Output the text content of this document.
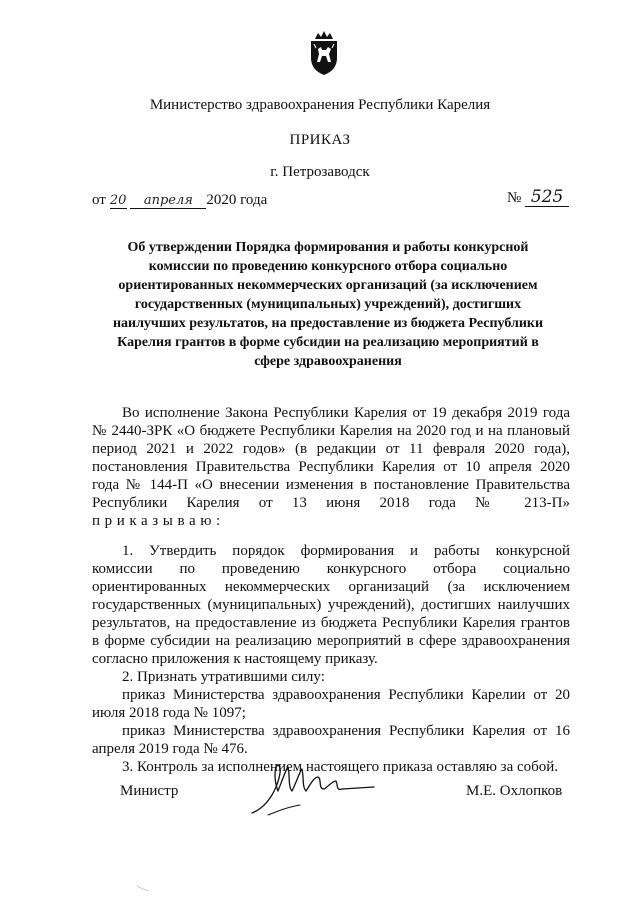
Министерство здравоохранения Республики Карелия
ПРИКАЗ
г. Петрозаводск
от 20 апреля 2020 года	№ 525
Об утверждении Порядка формирования и работы конкурсной
комиссии по проведению конкурсного отбора социально
ориентированных некоммерческих организаций (за исключением
государственных (муниципальных) учреждений), достигших
наилучших результатов, на предоставление из бюджета Республики
Карелия грантов в форме субсидии на реализацию мероприятий в
сфере здравоохранения
Во исполнение Закона Республики Карелия от 19 декабря 2019 года
№ 2440-ЗРК «О бюджете Республики Карелия на 2020 год и на плановый
период 2021 и 2022 годов» (в редакции от 11 февраля 2020 года),
постановления Правительства Республики Карелия от 10 апреля 2020
года № 144-П «О внесении изменения в постановление Правительства
Республики Карелия от 13 июня 2018 года № 213-П»
приказываю:
1. Утвердить порядок формирования и работы конкурсной
комиссии по проведению конкурсного отбора социально
ориентированных некоммерческих организаций (за исключением
государственных (муниципальных) учреждений), достигших наилучших
результатов, на предоставление из бюджета Республики Карелия грантов
в форме субсидии на реализацию мероприятий в сфере здравоохранения
согласно приложения к настоящему приказу.
2. Признать утратившими силу:
приказ Министерства здравоохранения Республики Карелии от 20
июля 2018 года № 1097;
приказ Министерства здравоохранения Республики Карелия от 16
апреля 2019 года № 476.
3. Контроль за исполнением настоящего приказа оставляю за собой.
Министр	М.Е. Охлопков
